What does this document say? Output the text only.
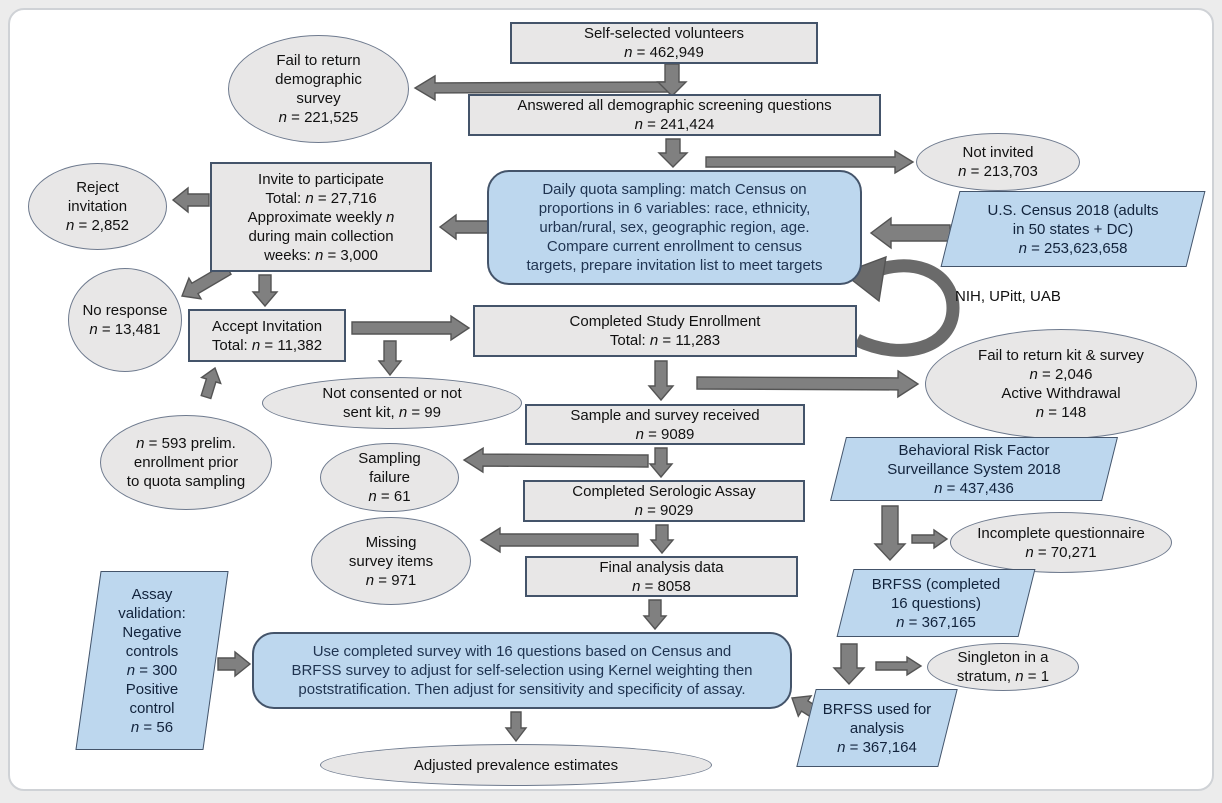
Self-selected volunteers
n = 462,949
Answered all demographic screening questions
n = 241,424
Invite to participate
Total: n = 27,716
Approximate weekly n
during main collection
weeks: n = 3,000
Accept Invitation
Total: n = 11,382
Completed Study Enrollment
Total: n = 11,283
Sample and survey received
n = 9089
Completed Serologic Assay
n = 9029
Final analysis data
n = 8058
Daily quota sampling: match Census on
proportions in 6 variables: race, ethnicity,
urban/rural, sex, geographic region, age.
Compare current enrollment to census
targets, prepare invitation list to meet targets
Use completed survey with 16 questions based on Census and
BRFSS survey to adjust for self-selection using Kernel weighting then
poststratification. Then adjust for sensitivity and specificity of assay.
Fail to return
demographic
survey
n = 221,525
Not invited
n = 213,703
Reject
invitation
n = 2,852
No response
n = 13,481
Fail to return kit & survey
n = 2,046
Active Withdrawal
n = 148
Not consented or not
sent kit, n = 99
n = 593 prelim.
enrollment prior
to quota sampling
Sampling
failure
n = 61
Missing
survey items
n = 971
Incomplete questionnaire
n = 70,271
Singleton in a
stratum, n = 1
Adjusted prevalence estimates
U.S. Census 2018 (adults
in 50 states + DC)
n = 253,623,658
Behavioral Risk Factor
Surveillance System 2018
n = 437,436
BRFSS (completed
16 questions)
n = 367,165
BRFSS used for
analysis
n = 367,164
Assay
validation:
Negative
controls
n = 300
Positive
control
n = 56
NIH, UPitt, UAB
